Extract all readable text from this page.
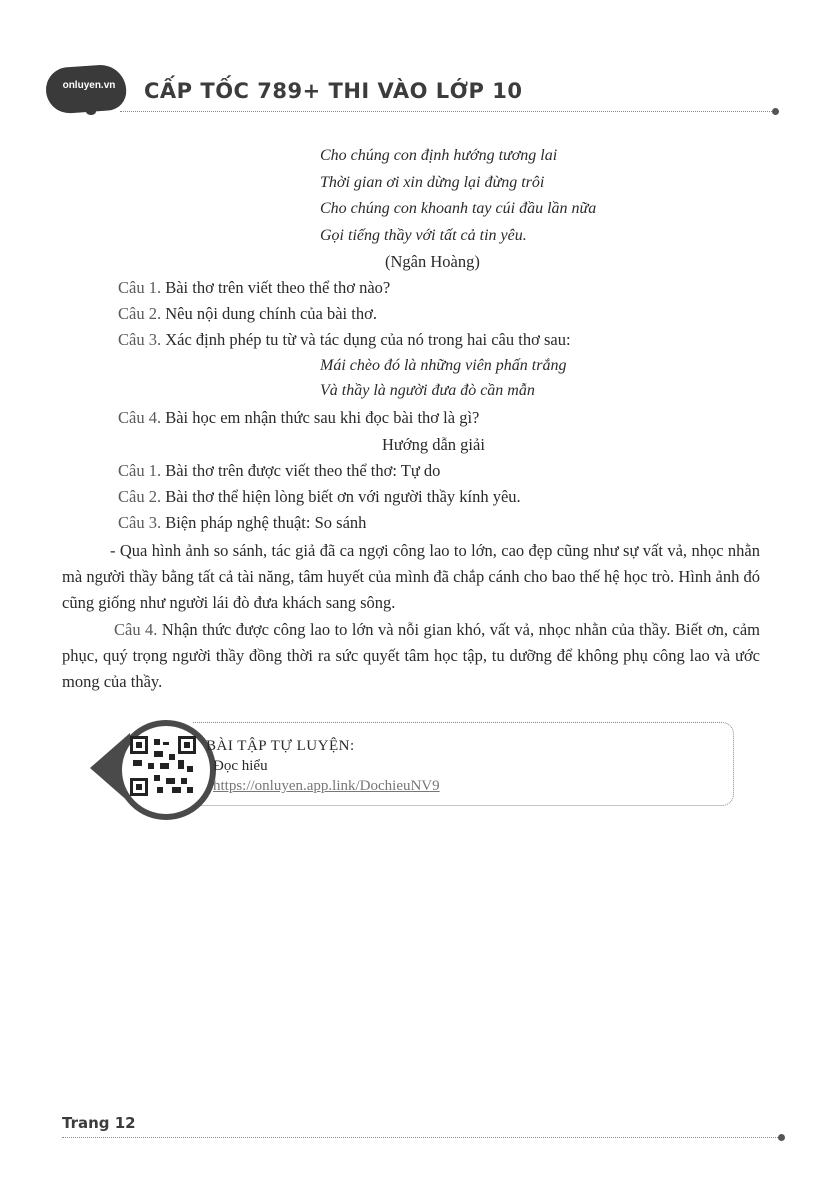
onluyen.vn	CẤP TỐC 789+ THI VÀO LỚP 10
Cho chúng con định hướng tương lai
Thời gian ơi xin dừng lại đừng trôi
Cho chúng con khoanh tay cúi đầu lần nữa
Gọi tiếng thầy với tất cả tin yêu.
(Ngân Hoàng)
Câu 1. Bài thơ trên viết theo thể thơ nào?
Câu 2. Nêu nội dung chính của bài thơ.
Câu 3. Xác định phép tu từ và tác dụng của nó trong hai câu thơ sau:
Mái chèo đó là những viên phấn trắng
Và thầy là người đưa đò cần mẫn
Câu 4. Bài học em nhận thức sau khi đọc bài thơ là gì?
Hướng dẫn giải
Câu 1. Bài thơ trên được viết theo thể thơ: Tự do
Câu 2. Bài thơ thể hiện lòng biết ơn với người thầy kính yêu.
Câu 3. Biện pháp nghệ thuật: So sánh

- Qua hình ảnh so sánh, tác giả đã ca ngợi công lao to lớn, cao đẹp cũng như sự vất vả, nhọc nhằn mà người thầy bằng tất cả tài năng, tâm huyết của mình đã chắp cánh cho bao thế hệ học trò. Hình ảnh đó cũng giống như người lái đò đưa khách sang sông.

Câu 4. Nhận thức được công lao to lớn và nỗi gian khó, vất vả, nhọc nhằn của thầy. Biết ơn, cảm phục, quý trọng người thầy đồng thời ra sức quyết tâm học tập, tu dưỡng để không phụ công lao và ước mong của thầy.

BÀI TẬP TỰ LUYỆN:
Đọc hiểu
https://onluyen.app.link/DochieuNV9
Trang 12
